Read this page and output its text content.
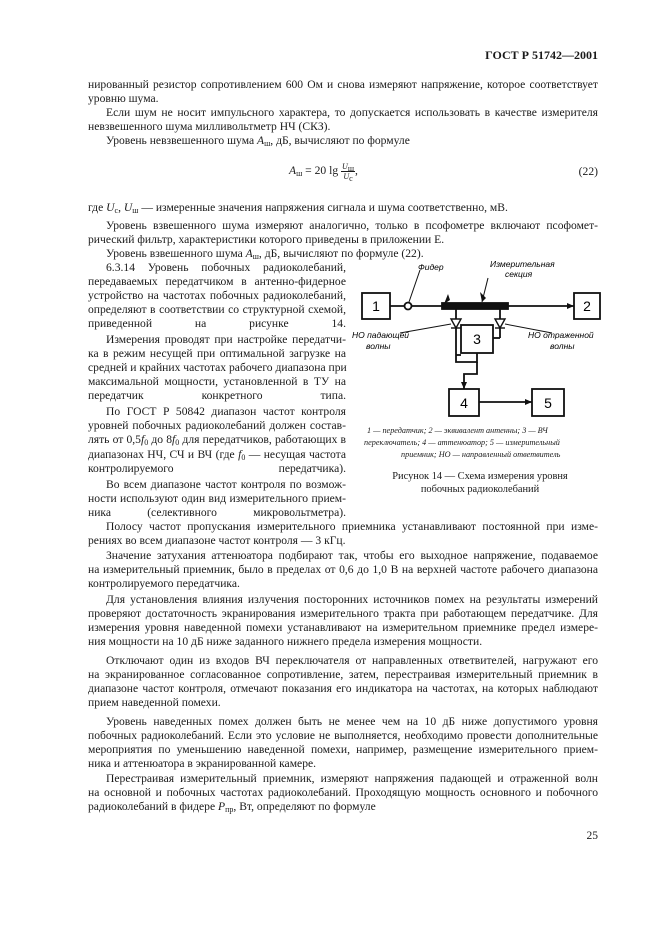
ГОСТ Р 51742—2001
нированный резистор сопротивлением 600 Ом и снова измеряют напряжение, которое соответствует
уровню шума.
Если шум не носит импульсного характера, то допускается использовать в качестве измерителя
невзвешенного шума милливольтметр НЧ (СКЗ).
Уровень невзвешенного шума $A_ш$, дБ, вычисляют по формуле
$A_ш = 20$ $\lg \frac{U_ш}{U_c}$ ,	(22)
где $U_c$, $U_ш$ — измеренные значения напряжения сигнала и шума соответственно, мВ.
Уровень взвешенного шума измеряют аналогично, только в псофометре включают псофомет-
рический фильтр, характеристики которого приведены в приложении Е.
Уровень взвешенного шума $A_ш$, дБ, вычисляют по формуле (22).
6.3.14 Уровень побочных радиоколебаний,
передаваемых передатчиком в антенно-фидерное
устройство на частотах побочных радиоколебаний,
определяют в соответствии со структурной схемой,
приведенной на рисунке 14.
Измерения проводят при настройке передатчи-
ка в режим несущей при оптимальной загрузке на
средней и крайних частотах рабочего диапазона при
максимальной мощности, установленной в ТУ на
передатчик конкретного типа.
По ГОСТ Р 50842 диапазон частот контроля
уровней побочных радиоколебаний должен состав-
лять от $0,5f_0$ до $8f_0$ для передатчиков, работающих в
диапазонах НЧ, СЧ и ВЧ (где $f_0$ — несущая частота
контролируемого передатчика).
Во всем диапазоне частот контроля по возмож-
ности используют один вид измерительного прием-
ника (селективного микровольтметра).
1	2
3
4	5
Фидер	Измерительная
секция
НО падающей
волны
НО отраженной
волны
1 — передатчик; 2 — эквивалент антенны; 3 — ВЧ
переключатель; 4 — аттенюатор; 5 — измерительный
приемник; НО — направленный ответвитель
Рисунок 14 — Схема измерения уровня
побочных радиоколебаний
Полосу частот пропускания измерительного приемника устанавливают постоянной при изме-
рениях во всем диапазоне частот контроля — 3 кГц.
Значение затухания аттенюатора подбирают так, чтобы его выходное напряжение, подаваемое
на измерительный приемник, было в пределах от 0,6 до 1,0 В на верхней частоте рабочего диапазона
контролируемого передатчика.
Для установления влияния излучения посторонних источников помех на результаты измерений
проверяют достаточность экранирования измерительного тракта при работающем передатчике. Для
измерения уровня наведенной помехи устанавливают на измерительном приемнике предел измере-
ния мощности на 10 дБ ниже заданного нижнего предела измерения мощности.
Отключают один из входов ВЧ переключателя от направленных ответвителей, нагружают его
на экранированное согласованное сопротивление, затем, перестраивая измерительный приемник в
диапазоне частот контроля, отмечают показания его индикатора на частотах, на которых наблюдают
прием наведенной помехи.
Уровень наведенных помех должен быть не менее чем на 10 дБ ниже допустимого уровня
побочных радиоколебаний. Если это условие не выполняется, необходимо провести дополнительные
мероприятия по уменьшению наведенной помехи, например, размещение измерительного прием-
ника и аттенюатора в экранированной камере.
Перестраивая измерительный приемник, измеряют напряжения падающей и отраженной волн
на основной и побочных частотах радиоколебаний. Проходящую мощность основного и побочного
радиоколебаний в фидере $P_{пр}$, Вт, определяют по формуле
25
